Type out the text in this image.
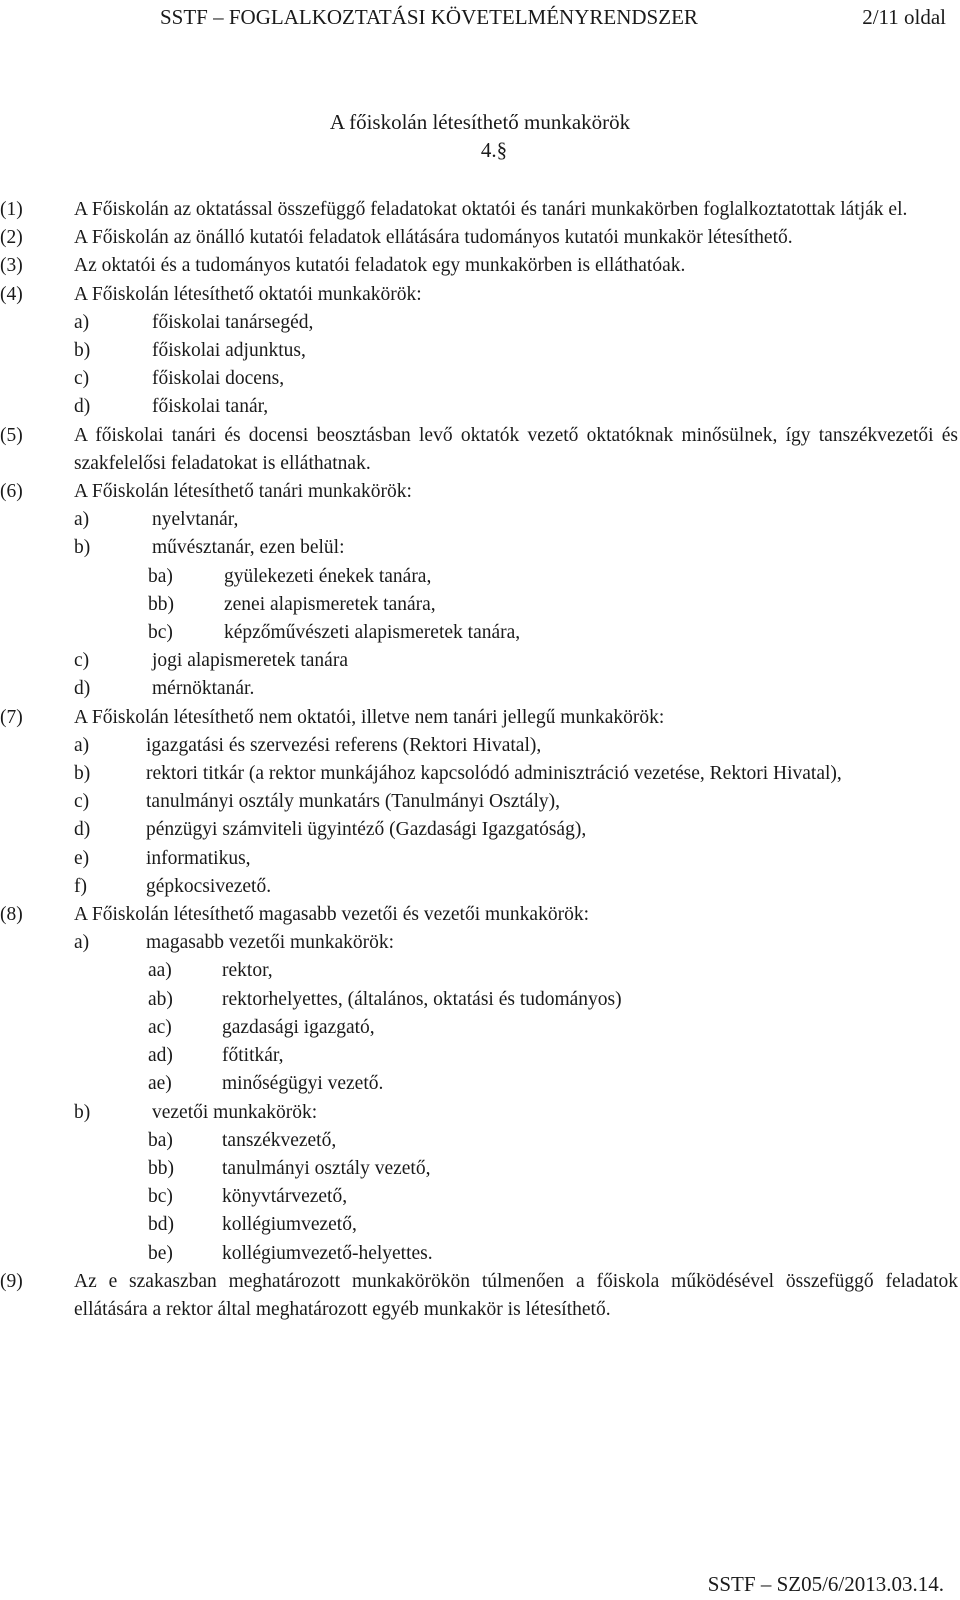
SSTF – FOGLALKOZTATÁSI KÖVETELMÉNYRENDSZER	2/11 oldal
A főiskolán létesíthető munkakörök
4.§
(1)	A Főiskolán az oktatással összefüggő feladatokat oktatói és tanári munkakörben foglalkoztatottak látják el.
(2)	A Főiskolán az önálló kutatói feladatok ellátására tudományos kutatói munkakör létesíthető.
(3)	Az oktatói és a tudományos kutatói feladatok egy munkakörben is elláthatóak.
(4)	A Főiskolán létesíthető oktatói munkakörök:
a)	főiskolai tanársegéd,
b)	főiskolai adjunktus,
c)	főiskolai docens,
d)	főiskolai tanár,
(5)	A főiskolai tanári és docensi beosztásban levő oktatók vezető oktatóknak minősülnek, így tanszékvezetői és szakfelelősi feladatokat is elláthatnak.
(6)	A Főiskolán létesíthető tanári munkakörök:
a)	nyelvtanár,
b)	művésztanár, ezen belül:
ba)	gyülekezeti énekek tanára,
bb)	zenei alapismeretek tanára,
bc)	képzőművészeti alapismeretek tanára,
c)	jogi alapismeretek tanára
d)	mérnöktanár.
(7)	A Főiskolán létesíthető nem oktatói, illetve nem tanári jellegű munkakörök:
a)	igazgatási és szervezési referens (Rektori Hivatal),
b)	rektori titkár (a rektor munkájához kapcsolódó adminisztráció vezetése, Rektori Hivatal),
c)	tanulmányi osztály munkatárs (Tanulmányi Osztály),
d)	pénzügyi számviteli ügyintéző (Gazdasági Igazgatóság),
e)	informatikus,
f)	gépkocsivezető.
(8)	A Főiskolán létesíthető magasabb vezetői és vezetői munkakörök:
a)	magasabb vezetői munkakörök:
aa)	rektor,
ab)	rektorhelyettes, (általános, oktatási és tudományos)
ac)	gazdasági igazgató,
ad)	főtitkár,
ae)	minőségügyi vezető.
b)	vezetői munkakörök:
ba)	tanszékvezető,
bb)	tanulmányi osztály vezető,
bc)	könyvtárvezető,
bd)	kollégiumvezető,
be)	kollégiumvezető-helyettes.
(9)	Az e szakaszban meghatározott munkakörökön túlmenően a főiskola működésével összefüggő feladatok ellátására a rektor által meghatározott egyéb munkakör is létesíthető.
SSTF – SZ05/6/2013.03.14.
